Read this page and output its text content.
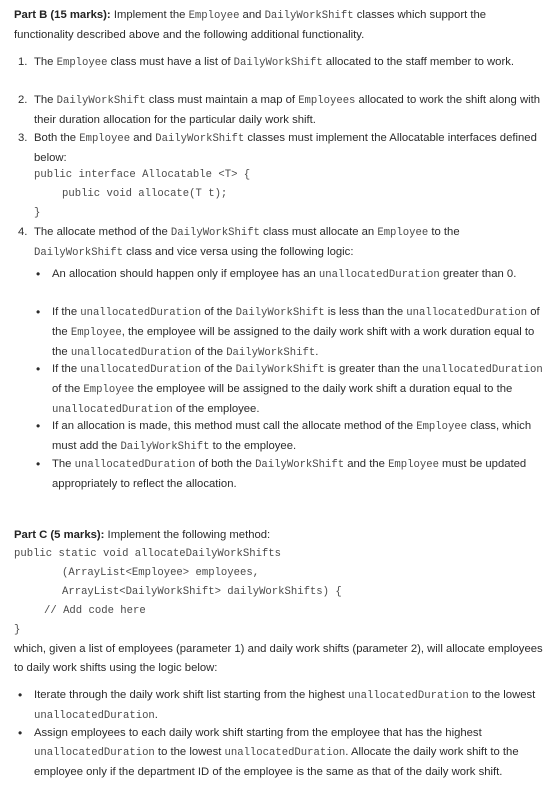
Part B (15 marks): Implement the Employee and DailyWorkShift classes which support the functionality described above and the following additional functionality.
1. The Employee class must have a list of DailyWorkShift allocated to the staff member to work.
2. The DailyWorkShift class must maintain a map of Employees allocated to work the shift along with their duration allocation for the particular daily work shift.
3. Both the Employee and DailyWorkShift classes must implement the Allocatable interfaces defined below:
public interface Allocatable <T> {
public void allocate(T t);
}
4. The allocate method of the DailyWorkShift class must allocate an Employee to the DailyWorkShift class and vice versa using the following logic:
•	An allocation should happen only if employee has an unallocatedDuration greater than 0.
•	If the unallocatedDuration of the DailyWorkShift is less than the unallocatedDuration of the Employee, the employee will be assigned to the daily work shift with a work duration equal to the unallocatedDuration of the DailyWorkShift.
•	If the unallocatedDuration of the DailyWorkShift is greater than the unallocatedDuration of the Employee the employee will be assigned to the daily work shift a duration equal to the unallocatedDuration of the employee.
•	If an allocation is made, this method must call the allocate method of the Employee class, which must add the DailyWorkShift to the employee.
•	The unallocatedDuration of both the DailyWorkShift and the Employee must be updated appropriately to reflect the allocation.
Part C (5 marks): Implement the following method:
public static void allocateDailyWorkShifts
(ArrayList<Employee> employees,
ArrayList<DailyWorkShift> dailyWorkShifts) {
// Add code here
}
which, given a list of employees (parameter 1) and daily work shifts (parameter 2), will allocate employees to daily work shifts using the logic below:
•	Iterate through the daily work shift list starting from the highest unallocatedDuration to the lowest unallocatedDuration.
•	Assign employees to each daily work shift starting from the employee that has the highest unallocatedDuration to the lowest unallocatedDuration. Allocate the daily work shift to the employee only if the department ID of the employee is the same as that of the daily work shift.
